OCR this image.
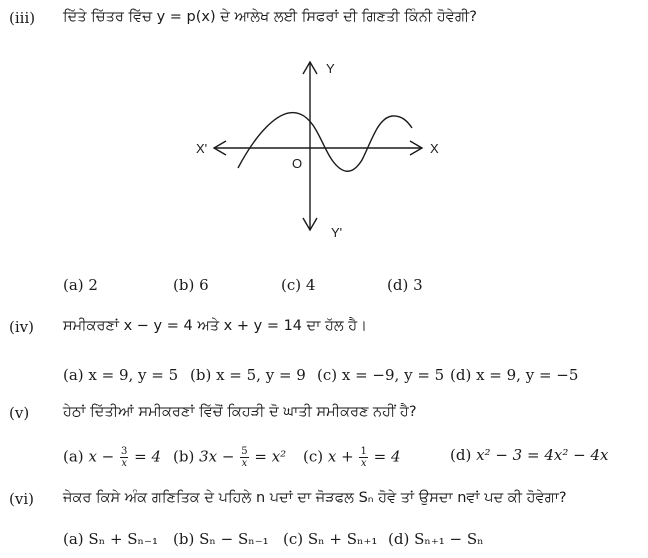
(iii) ਦਿੱਤੇ ਚਿੱਤਰ ਵਿੱਚ y = p(x) ਦੇ ਆਲੇਖ ਲਈ ਸਿਫਰਾਂ ਦੀ ਗਿਣਤੀ ਕਿੰਨੀ ਹੋਵੇਗੀ?
Y
Y'
X
X'
O
(a) 2	(b) 6	(c) 4	(d) 3
(iv) ਸਮੀਕਰਣਾਂ x − y = 4 ਅਤੇ x + y = 14 ਦਾ ਹੱਲ ਹੈ।
(a) x = 9, y = 5 (b) x = 5, y = 9 (c) x = −9, y = 5 (d) x = 9, y = −5
(v) ਹੇਠਾਂ ਦਿੱਤੀਆਂ ਸਮੀਕਰਣਾਂ ਵਿੱਚੋਂ ਕਿਹੜੀ ਦੋ ਘਾਤੀ ਸਮੀਕਰਣ ਨਹੀਂ ਹੈ?
(a) $x - \frac{3}{x} = 4$ (b) $3x - \frac{5}{x} = x^2$ (c) $x + \frac{1}{x} = 4$	(d) x² − 3 = 4x² − 4x
(vi) ਜੇਕਰ ਕਿਸੇ ਅੰਕ ਗਣਿਤਿਕ ਦੇ ਪਹਿਲੇ n ਪਦਾਂ ਦਾ ਜੋੜਫਲ Sₙ ਹੋਵੇ ਤਾਂ ਉਸਦਾ nਵਾਂ ਪਦ ਕੀ ਹੋਵੇਗਾ?
(a) Sₙ + Sₙ₋₁ (b) Sₙ − Sₙ₋₁ (c) Sₙ + Sₙ₊₁ (d) Sₙ₊₁ − Sₙ
